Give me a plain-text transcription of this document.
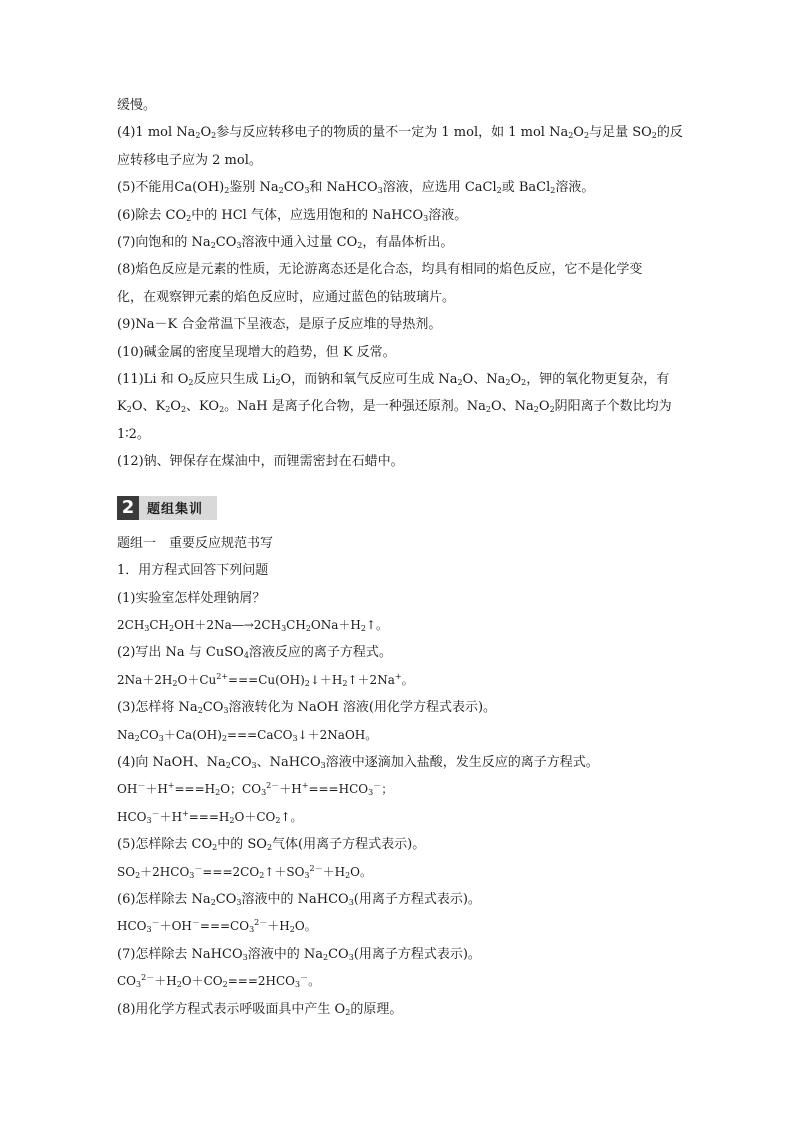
缓慢。
(4)1 mol $Na_2O_2$参与反应转移电子的物质的量不一定为 1 mol，如 1 mol $Na_2O_2$与足量 $SO_2$的反
应转移电子应为 2 mol。
(5)不能用$Ca(OH)_2$鉴别 $Na_2CO_3$和 NaHCO$_3$溶液，应选用 CaCl$_2$或 BaCl$_2$溶液。
(6)除去 $CO_2$中的 HCl 气体，应选用饱和的 NaHCO$_3$溶液。
(7)向饱和的 $Na_2CO_3$溶液中通入过量 $CO_2$，有晶体析出。
(8)焰色反应是元素的性质，无论游离态还是化合态，均具有相同的焰色反应，它不是化学变
化，在观察钾元素的焰色反应时，应通过蓝色的钴玻璃片。
(9)Na－K 合金常温下呈液态，是原子反应堆的导热剂。
(10)碱金属的密度呈现增大的趋势，但 K 反常。
(11)Li 和 $O_2$反应只生成 $Li_2O$，而钠和氧气反应可生成 $Na_2O$、$Na_2O_2$，钾的氧化物更复杂，有
$K_2O$、$K_2O_2$、$KO_2$。NaH 是离子化合物，是一种强还原剂。$Na_2O$、$Na_2O_2$阴阳离子个数比均为
1∶2。
(12)钠、钾保存在煤油中，而锂需密封在石蜡中。
2 题组集训
题组一　重要反应规范书写
1．用方程式回答下列问题
(1)实验室怎样处理钠屑？
$2CH_3CH_2OH+2Na―\to 2CH_3CH_2ONa+H_2↑$。
(2)写出 Na 与 CuSO$_4$溶液反应的离子方程式。
$2Na+2H_2O+Cu^{2+}===Cu(OH)_2↓+H_2↑+2Na^+$。
(3)怎样将 $Na_2CO_3$溶液转化为 NaOH 溶液(用化学方程式表示)。
$Na_2CO_3+Ca(OH)_2===CaCO_3↓+2NaOH$。
(4)向 NaOH、$Na_2CO_3$、NaHCO$_3$溶液中逐滴加入盐酸，发生反应的离子方程式。
$OH^-+H^+===H_2O$；$CO_3^{2-}+H^+===HCO_3^-$；
$HCO_3^-+H^+===H_2O+CO_2↑$。
(5)怎样除去 $CO_2$中的 $SO_2$气体(用离子方程式表示)。
$SO_2+2HCO_3^-===2CO_2↑+SO_3^{2-}+H_2O$。
(6)怎样除去 $Na_2CO_3$溶液中的 NaHCO$_3$(用离子方程式表示)。
$HCO_3^-+OH^-===CO_3^{2-}+H_2O$。
(7)怎样除去 NaHCO$_3$溶液中的 $Na_2CO_3$(用离子方程式表示)。
$CO_3^{2-}+H_2O+CO_2===2HCO_3^-$。
(8)用化学方程式表示呼吸面具中产生 $O_2$的原理。
